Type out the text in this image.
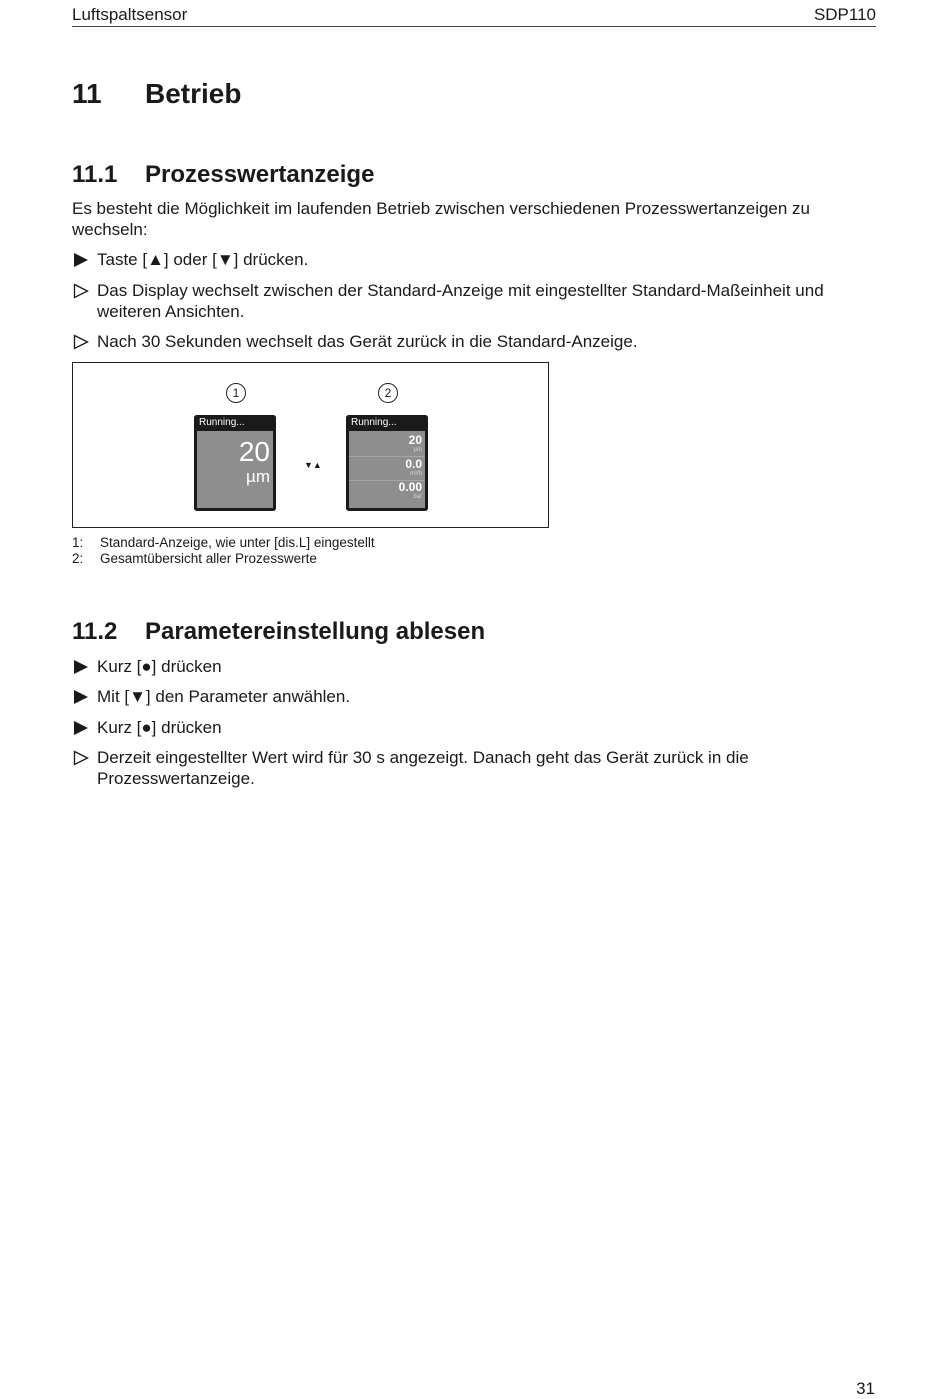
Luftspaltsensor	SDP110
11 Betrieb
11.1 Prozesswertanzeige

Es besteht die Möglichkeit im laufenden Betrieb zwischen verschiedenen Prozesswertanzeigen zu wechseln:

Taste [▲] oder [▼] drücken.
Das Display wechselt zwischen der Standard-Anzeige mit eingestellter Standard-Maßeinheit und weiteren Ansichten.
Nach 30 Sekunden wechselt das Gerät zurück in die Standard-Anzeige.
1	2
Running...
20
µm
▼▲
Running...
20
µm
0.0
m³/h
0.00
bar
1: Standard-Anzeige, wie unter [dis.L] eingestellt
2: Gesamtübersicht aller Prozesswerte
11.2 Parametereinstellung ablesen
Kurz [●] drücken
Mit [▼] den Parameter anwählen.
Kurz [●] drücken
Derzeit eingestellter Wert wird für 30 s angezeigt. Danach geht das Gerät zurück in die Prozesswertanzeige.
31
